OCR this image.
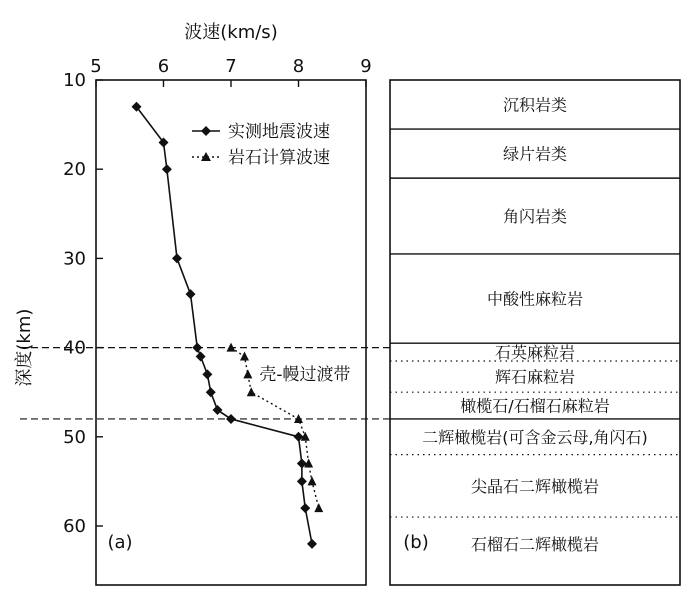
波速(km/s)
5	6	7	8	9
10
20
30
40
50
60
深度(km)	壳-幔过渡带
(a)
实测地震波速
岩石计算波速
沉积岩类
绿片岩类
角闪岩类
中酸性麻粒岩
石英麻粒岩
辉石麻粒岩
橄榄石/石榴石麻粒岩
二辉橄榄岩(可含金云母,角闪石)
尖晶石二辉橄榄岩
石榴石二辉橄榄岩
(b)
